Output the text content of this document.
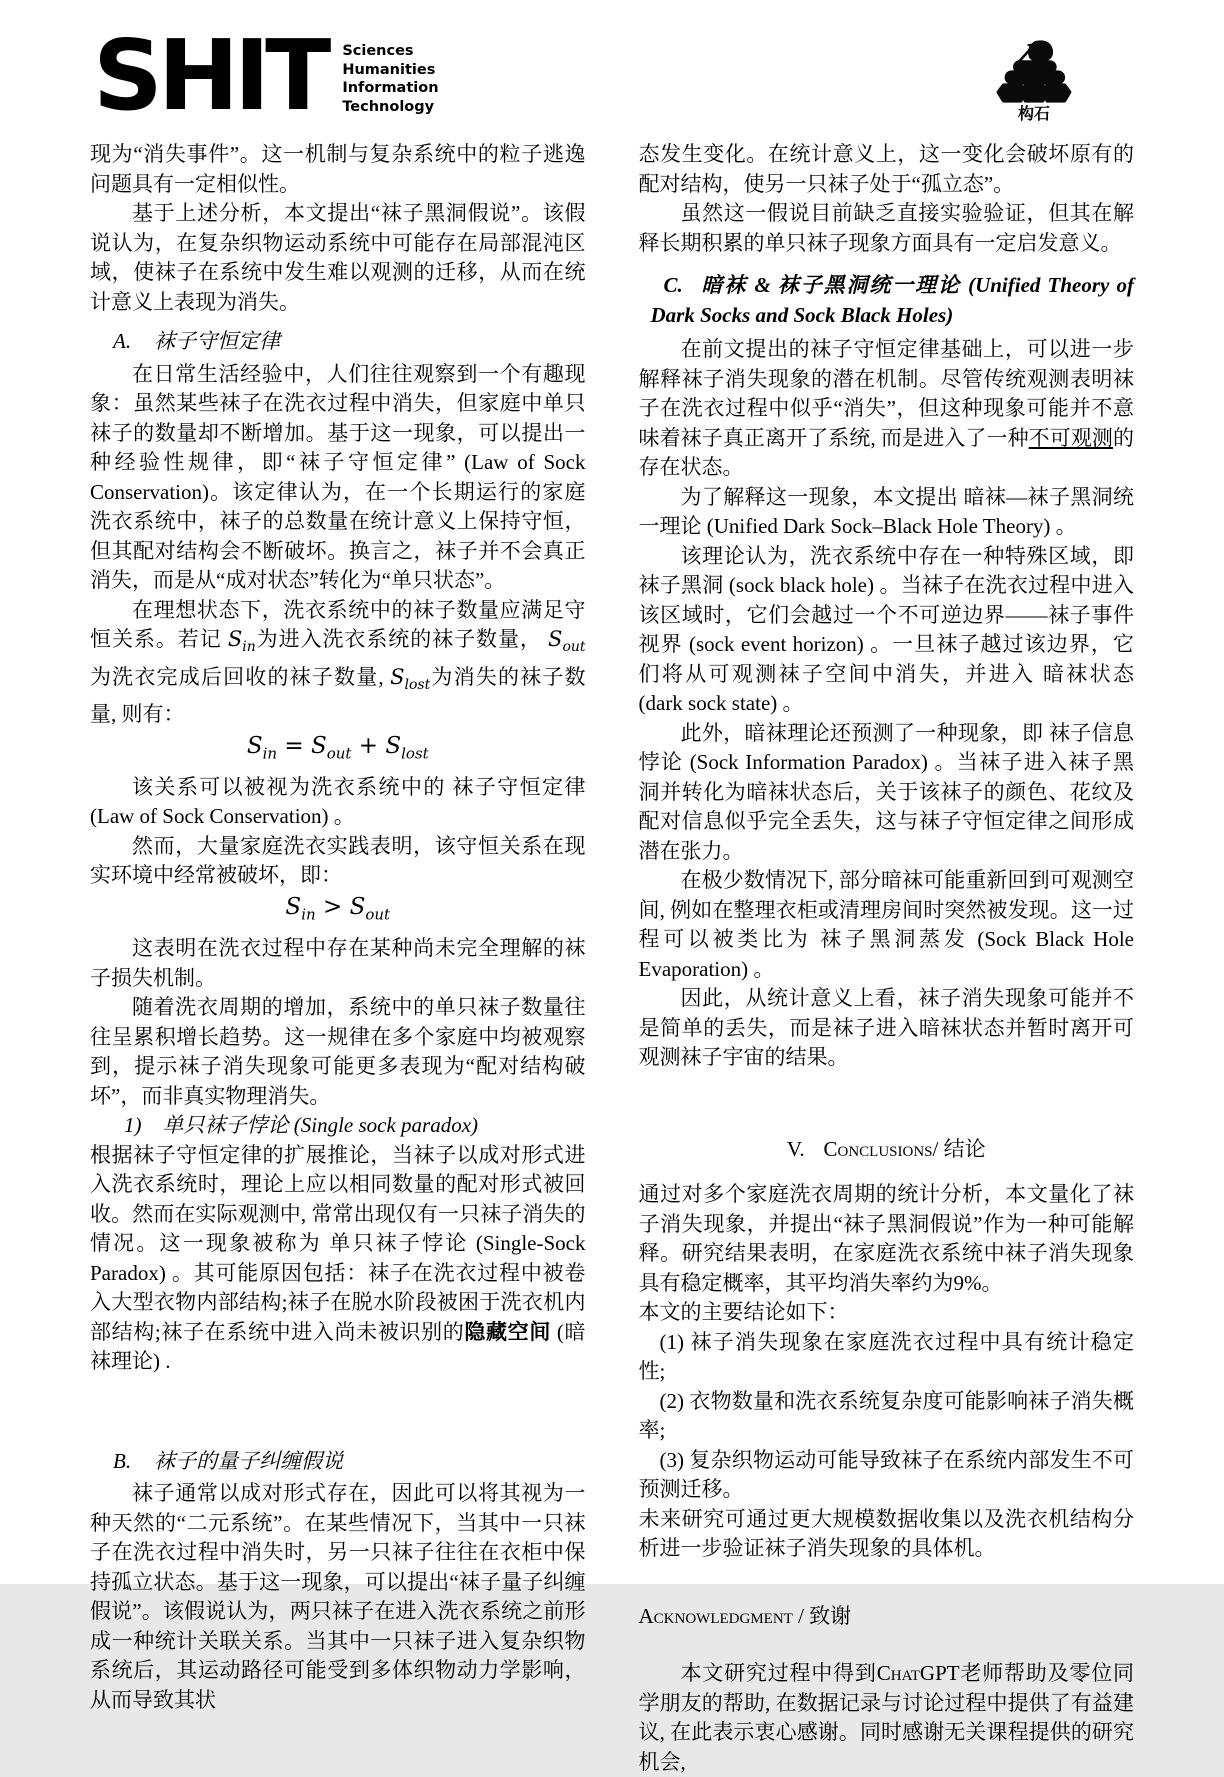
SHIT Sciences
Humanities
Information
Technology	构石

现为“消失事件”。这一机制与复杂系统中的粒子逃逸问题具有一定相似性。

基于上述分析，本文提出“袜子黑洞假说”。该假说认为，在复杂织物运动系统中可能存在局部混沌区域，使袜子在系统中发生难以观测的迁移，从而在统计意义上表现为消失。

A. 袜子守恒定律

在日常生活经验中，人们往往观察到一个有趣现象：虽然某些袜子在洗衣过程中消失，但家庭中单只袜子的数量却不断增加。基于这一现象，可以提出一种经验性规律，即“袜子守恒定律” (Law of Sock Conservation)。该定律认为，在一个长期运行的家庭洗衣系统中，袜子的总数量在统计意义上保持守恒，但其配对结构会不断破坏。换言之，袜子并不会真正消失，而是从“成对状态”转化为“单只状态”。

在理想状态下，洗衣系统中的袜子数量应满足守恒关系。若记 $S_{in}$为进入洗衣系统的袜子数量， $S_{out}$为洗衣完成后回收的袜子数量, $S_{lost}$为消失的袜子数量, 则有：

$S_{in} = S_{out} + S_{lost}$

该关系可以被视为洗衣系统中的 袜子守恒定律 (Law of Sock Conservation) 。

然而，大量家庭洗衣实践表明，该守恒关系在现实环境中经常被破坏，即：

$S_{in} > S_{out}$

这表明在洗衣过程中存在某种尚未完全理解的袜子损失机制。

随着洗衣周期的增加，系统中的单只袜子数量往往呈累积增长趋势。这一规律在多个家庭中均被观察到，提示袜子消失现象可能更多表现为“配对结构破坏”，而非真实物理消失。

1) 单只袜子悖论 (Single sock paradox)

根据袜子守恒定律的扩展推论，当袜子以成对形式进入洗衣系统时，理论上应以相同数量的配对形式被回收。然而在实际观测中, 常常出现仅有一只袜子消失的情况。这一现象被称为 单只袜子悖论 (Single-Sock Paradox) 。其可能原因包括：袜子在洗衣过程中被卷入大型衣物内部结构;袜子在脱水阶段被困于洗衣机内部结构;袜子在系统中进入尚未被识别的隐藏空间 (暗袜理论) .

B. 袜子的量子纠缠假说

袜子通常以成对形式存在，因此可以将其视为一种天然的“二元系统”。在某些情况下，当其中一只袜子在洗衣过程中消失时，另一只袜子往往在衣柜中保持孤立状态。基于这一现象，可以提出“袜子量子纠缠假说”。该假说认为，两只袜子在进入洗衣系统之前形成一种统计关联关系。当其中一只袜子进入复杂织物系统后，其运动路径可能受到多体织物动力学影响，从而导致其状

态发生变化。在统计意义上，这一变化会破坏原有的配对结构，使另一只袜子处于“孤立态”。

虽然这一假说目前缺乏直接实验验证，但其在解释长期积累的单只袜子现象方面具有一定启发意义。

C. 暗袜 & 袜子黑洞统一理论 (Unified Theory of Dark Socks and Sock Black Holes)

在前文提出的袜子守恒定律基础上，可以进一步解释袜子消失现象的潜在机制。尽管传统观测表明袜子在洗衣过程中似乎“消失”，但这种现象可能并不意味着袜子真正离开了系统, 而是进入了一种不可观测的存在状态。

为了解释这一现象，本文提出 暗袜—袜子黑洞统一理论 (Unified Dark Sock–Black Hole Theory) 。

该理论认为，洗衣系统中存在一种特殊区域，即 袜子黑洞 (sock black hole) 。当袜子在洗衣过程中进入该区域时，它们会越过一个不可逆边界——袜子事件视界 (sock event horizon) 。一旦袜子越过该边界，它们将从可观测袜子空间中消失，并进入 暗袜状态 (dark sock state) 。

此外，暗袜理论还预测了一种现象，即 袜子信息悖论 (Sock Information Paradox) 。当袜子进入袜子黑洞并转化为暗袜状态后，关于该袜子的颜色、花纹及配对信息似乎完全丢失，这与袜子守恒定律之间形成潜在张力。

在极少数情况下, 部分暗袜可能重新回到可观测空间, 例如在整理衣柜或清理房间时突然被发现。这一过程可以被类比为 袜子黑洞蒸发 (Sock Black Hole Evaporation) 。

因此，从统计意义上看，袜子消失现象可能并不是简单的丢失，而是袜子进入暗袜状态并暂时离开可观测袜子宇宙的结果。

V. Conclusions/ 结论

通过对多个家庭洗衣周期的统计分析，本文量化了袜子消失现象，并提出“袜子黑洞假说”作为一种可能解释。研究结果表明，在家庭洗衣系统中袜子消失现象具有稳定概率，其平均消失率约为9%。

本文的主要结论如下：

(1) 袜子消失现象在家庭洗衣过程中具有统计稳定性;

(2) 衣物数量和洗衣系统复杂度可能影响袜子消失概率;

(3) 复杂织物运动可能导致袜子在系统内部发生不可预测迁移。

未来研究可通过更大规模数据收集以及洗衣机结构分析进一步验证袜子消失现象的具体机。

Acknowledgment / 致谢

本文研究过程中得到ChatGPT老师帮助及零位同学朋友的帮助, 在数据记录与讨论过程中提供了有益建议, 在此表示衷心感谢。同时感谢无关课程提供的研究机会,
